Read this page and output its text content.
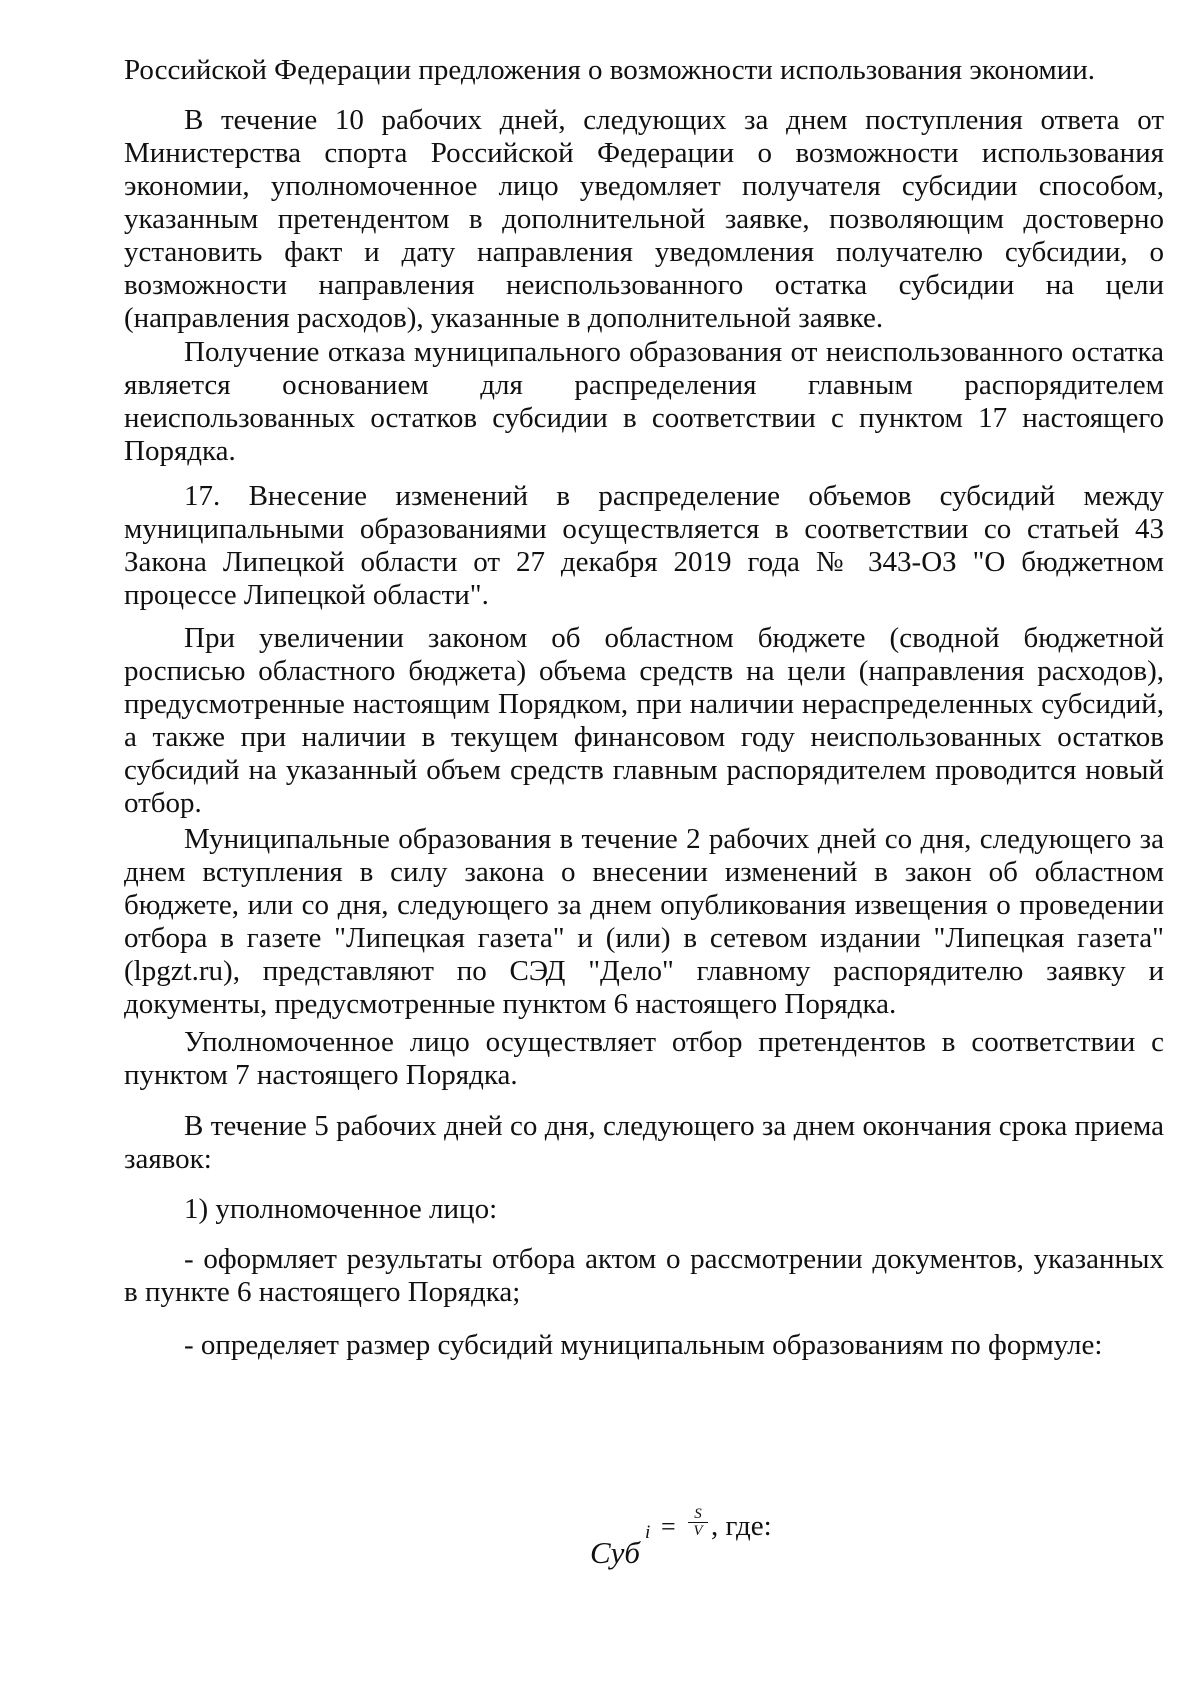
Российской Федерации предложения о возможности использования экономии.

В течение 10 рабочих дней, следующих за днем поступления ответа от Министерства спорта Российской Федерации о возможности использования экономии, уполномоченное лицо уведомляет получателя субсидии способом, указанным претендентом в дополнительной заявке, позволяющим достоверно установить факт и дату направления уведомления получателю субсидии, о возможности направления неиспользованного остатка субсидии на цели (направления расходов), указанные в дополнительной заявке.

Получение отказа муниципального образования от неиспользованного остатка является основанием для распределения главным распорядителем неиспользованных остатков субсидии в соответствии с пунктом 17 настоящего Порядка.

17. Внесение изменений в распределение объемов субсидий между муниципальными образованиями осуществляется в соответствии со статьей 43 Закона Липецкой области от 27 декабря 2019 года № 343-ОЗ "О бюджетном процессе Липецкой области".

При увеличении законом об областном бюджете (сводной бюджетной росписью областного бюджета) объема средств на цели (направления расходов), предусмотренные настоящим Порядком, при наличии нераспределенных субсидий, а также при наличии в текущем финансовом году неиспользованных остатков субсидий на указанный объем средств главным распорядителем проводится новый отбор.

Муниципальные образования в течение 2 рабочих дней со дня, следующего за днем вступления в силу закона о внесении изменений в закон об областном бюджете, или со дня, следующего за днем опубликования извещения о проведении отбора в газете "Липецкая газета" и (или) в сетевом издании "Липецкая газета" (lpgzt.ru), представляют по СЭД "Дело" главному распорядителю заявку и документы, предусмотренные пунктом 6 настоящего Порядка.

Уполномоченное лицо осуществляет отбор претендентов в соответствии с пунктом 7 настоящего Порядка.

В течение 5 рабочих дней со дня, следующего за днем окончания срока приема заявок:

1) уполномоченное лицо:

- оформляет результаты отбора актом о рассмотрении документов, указанных в пункте 6 настоящего Порядка;

- определяет размер субсидий муниципальным образованиям по формуле:

Суб
$i = \frac{S}{V}$ , где:
